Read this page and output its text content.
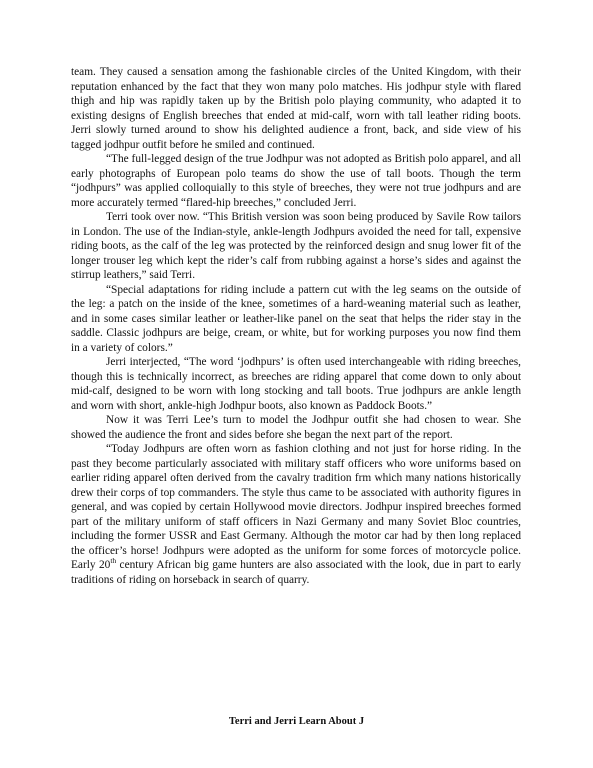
team. They caused a sensation among the fashionable circles of the United Kingdom, with their reputation enhanced by the fact that they won many polo matches. His jodhpur style with flared thigh and hip was rapidly taken up by the British polo playing community, who adapted it to existing designs of English breeches that ended at mid-calf, worn with tall leather riding boots. Jerri slowly turned around to show his delighted audience a front, back, and side view of his tagged jodhpur outfit before he smiled and continued.

“The full-legged design of the true Jodhpur was not adopted as British polo apparel, and all early photographs of European polo teams do show the use of tall boots. Though the term “jodhpurs” was applied colloquially to this style of breeches, they were not true jodhpurs and are more accurately termed “flared-hip breeches,” concluded Jerri.

Terri took over now. “This British version was soon being produced by Savile Row tailors in London. The use of the Indian-style, ankle-length Jodhpurs avoided the need for tall, expensive riding boots, as the calf of the leg was protected by the reinforced design and snug lower fit of the longer trouser leg which kept the rider’s calf from rubbing against a horse’s sides and against the stirrup leathers,” said Terri.

“Special adaptations for riding include a pattern cut with the leg seams on the outside of the leg: a patch on the inside of the knee, sometimes of a hard-weaning material such as leather, and in some cases similar leather or leather-like panel on the seat that helps the rider stay in the saddle. Classic jodhpurs are beige, cream, or white, but for working purposes you now find them in a variety of colors.”

Jerri interjected, “The word ‘jodhpurs’ is often used interchangeable with riding breeches, though this is technically incorrect, as breeches are riding apparel that come down to only about mid-calf, designed to be worn with long stocking and tall boots. True jodhpurs are ankle length and worn with short, ankle-high Jodhpur boots, also known as Paddock Boots.”

Now it was Terri Lee’s turn to model the Jodhpur outfit she had chosen to wear. She showed the audience the front and sides before she began the next part of the report.

“Today Jodhpurs are often worn as fashion clothing and not just for horse riding. In the past they become particularly associated with military staff officers who wore uniforms based on earlier riding apparel often derived from the cavalry tradition frm which many nations historically drew their corps of top commanders. The style thus came to be associated with authority figures in general, and was copied by certain Hollywood movie directors. Jodhpur inspired breeches formed part of the military uniform of staff officers in Nazi Germany and many Soviet Bloc countries, including the former USSR and East Germany. Although the motor car had by then long replaced the officer’s horse! Jodhpurs were adopted as the uniform for some forces of motorcycle police. Early 20th century African big game hunters are also associated with the look, due in part to early traditions of riding on horseback in search of quarry.

Terri and Jerri Learn About J
